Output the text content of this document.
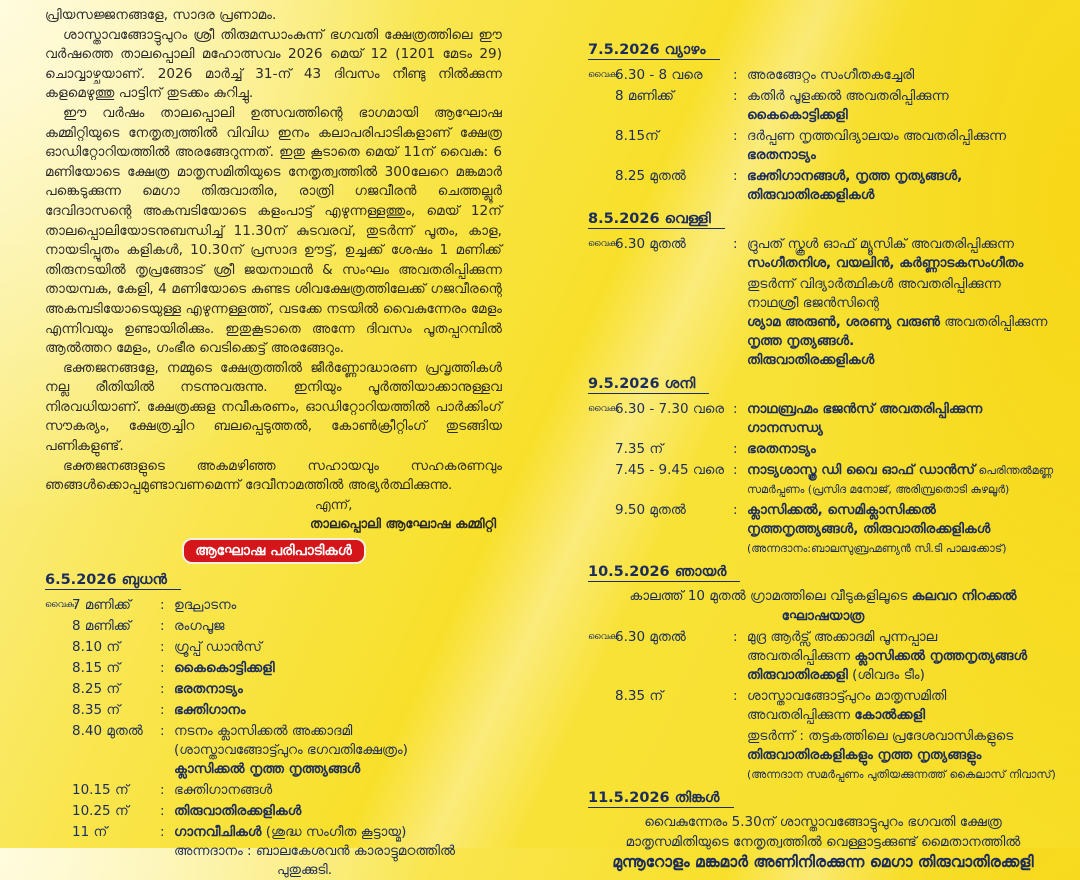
പ്രിയസജ്ജനങ്ങളേ, സാദര പ്രണാമം.

ശാസ്താവങ്ങോട്ടുപുറം ശ്രീ തിരുമന്ധാംകുന്ന് ഭഗവതി ക്ഷേത്രത്തിലെ ഈ വർഷത്തെ താലപ്പൊലി മഹോത്സവം 2026 മെയ് 12 (1201 മേടം 29) ചൊവ്വാഴ്ചയാണ്. 2026 മാർച്ച് 31-ന് 43 ദിവസം നീണ്ടു നിൽക്കുന്ന കളമെഴുത്തു പാട്ടിന് തുടക്കം കുറിച്ചു.

ഈ വർഷം താലപ്പൊലി ഉത്സവത്തിന്റെ ഭാഗമായി ആഘോഷ കമ്മിറ്റിയുടെ നേതൃത്വത്തിൽ വിവിധ ഇനം കലാപരിപാടികളാണ് ക്ഷേത്ര ഓഡിറ്റോറിയത്തിൽ അരങ്ങേറുന്നത്. ഇതു കൂടാതെ മെയ് 11ന് വൈകു: 6 മണിയോടെ ക്ഷേത്ര മാതൃസമിതിയുടെ നേതൃത്വത്തിൽ 300ലേറെ മങ്കമാർ പങ്കെടുക്കുന്ന മെഗാ തിരുവാതിര, രാത്രി ഗജവീരൻ ചെത്തല്ലൂർ ദേവിദാസന്റെ അകമ്പടിയോടെ കളംപാട്ട് എഴുന്നള്ളത്തും, മെയ് 12ന് താലപ്പൊലിയോടനുബന്ധിച്ച് 11.30ന് കുടവരവ്, തുടർന്ന് പൂതം, കാള, നായടിപ്പൂതം കളികൾ, 10.30ന് പ്രസാദ ഊട്ട്, ഉച്ചക്ക് ശേഷം 1 മണിക്ക് തിരുനടയിൽ തൃപ്രങ്ങോട് ശ്രീ ജയനാഥൻ & സംഘം അവതരിപ്പിക്കുന്ന തായമ്പക, കേളി, 4 മണിയോടെ കുണ്ടട ശിവക്ഷേത്രത്തിലേക്ക് ഗജവീരന്റെ അകമ്പടിയോടെയുള്ള എഴുന്നള്ളത്ത്, വടക്കേ നടയിൽ വൈകുന്നേരം മേളം എന്നിവയും ഉണ്ടായിരിക്കും. ഇതുകൂടാതെ അന്നേ ദിവസം പൂതപ്പറമ്പിൽ ആൽത്തറ മേളം, ഗംഭീര വെടിക്കെട്ട് അരങ്ങേറും.

ഭക്തജനങ്ങളേ, നമ്മുടെ ക്ഷേത്രത്തിൽ ജീർണ്ണോദ്ധാരണ പ്രവൃത്തികൾ നല്ല രീതിയിൽ നടന്നുവരുന്നു. ഇനിയും പൂർത്തിയാക്കാനുള്ളവ നിരവധിയാണ്. ക്ഷേത്രക്കുള നവീകരണം, ഓഡിറ്റോറിയത്തിൽ പാർക്കിംഗ് സൗകര്യം, ക്ഷേത്രച്ചിറ ബലപ്പെടുത്തൽ, കോൺക്രീറ്റിംഗ് തുടങ്ങിയ പണികളുണ്ട്.

ഭക്തജനങ്ങളുടെ അകമഴിഞ്ഞ സഹായവും സഹകരണവും ഞങ്ങൾക്കൊപ്പമുണ്ടാവണമെന്ന് ദേവീനാമത്തിൽ അഭ്യർത്ഥിക്കുന്നു.

എന്ന്,
താലപ്പൊലി ആഘോഷ കമ്മിറ്റി
ആഘോഷ പരിപാടികൾ
6.5.2026 ബുധൻ
വൈകു:
7 മണിക്ക്	: ഉദ്ഘാടനം
8 മണിക്ക്	: രംഗപൂജ
8.10 ന്	: ഗ്രൂപ്പ് ഡാൻസ്
8.15 ന്	: കൈകൊട്ടിക്കളി
8.25 ന്	: ഭരതനാട്യം
8.35 ന്	: ഭക്തിഗാനം
8.40 മുതൽ	: നടനം ക്ലാസിക്കൽ അക്കാദമി
(ശാസ്താവങ്ങോട്ട്പുറം ഭഗവതിക്ഷേത്രം)
ക്ലാസിക്കൽ നൃത്ത നൃത്ത്യങ്ങൾ
10.15 ന്	: ഭക്തിഗാനങ്ങൾ
10.25 ന്	: തിരുവാതിരക്കളികൾ
11 ന്	: ഗാനവീചികൾ (ശുദ്ധ സംഗീത കൂട്ടായ്മ)
അന്നദാനം : ബാലകേശവൻ കാരാട്ടുമഠത്തിൽ
പുതുക്കുടി.
7.5.2026 വ്യാഴം
വൈകു:
6.30 - 8 വരെ	: അരങ്ങേറ്റം സംഗീതകച്ചേരി
8 മണിക്ക്	: കതിർ പൂളക്കൽ അവതരിപ്പിക്കുന്ന
കൈകൊട്ടിക്കളി
8.15ന്	: ദർപ്പണ നൃത്തവിദ്യാലയം അവതരിപ്പിക്കുന്ന
ഭരതനാട്യം
8.25 മുതൽ	: ഭക്തിഗാനങ്ങൾ, നൃത്ത നൃത്യങ്ങൾ,
തിരുവാതിരക്കളികൾ
8.5.2026 വെള്ളി
വൈകു:
6.30 മുതൽ	: ദ്രുപത് സ്കൂൾ ഓഫ് മ്യൂസിക് അവതരിപ്പിക്കുന്ന
സംഗീതനിശ, വയലിൻ, കർണ്ണാടകസംഗീതം
തുടർന്ന് വിദ്യാർത്ഥികൾ അവതരിപ്പിക്കുന്ന
നാഥശ്രീ ഭജൻസിന്റെ
ശ്യാമ അരുൺ, ശരണ്യ വരുൺ അവതരിപ്പിക്കുന്ന
നൃത്ത നൃത്യങ്ങൾ.
തിരുവാതിരക്കളികൾ
9.5.2026 ശനി
വൈകു:
6.30 - 7.30 വരെ : നാഥബ്രഹ്മം ഭജൻസ് അവതരിപ്പിക്കുന്ന ഗാനസന്ധ്യ
7.35 ന്	: ഭരതനാട്യം
7.45 - 9.45 വരെ : നാട്യശാസ്ത്ര ഡി വൈ ഓഫ് ഡാൻസ് പെരിന്തൽമണ്ണ
സമർപ്പണം (പ്രസിദ മനോജ്, അരിമ്പ്രതൊടി കുഴലൂർ)
9.50 മുതൽ	: ക്ലാസിക്കൽ, സെമിക്ലാസിക്കൽ
നൃത്തനൃത്ത്യങ്ങൾ, തിരുവാതിരക്കളികൾ
(അന്നദാനം:ബാലസുബ്രഹ്മണ്യൻ സി.ടി പാലക്കോട്)
10.5.2026 ഞായർ
കാലത്ത് 10 മുതൽ ഗ്രാമത്തിലെ വീടുകളിലൂടെ കലവറ നിറക്കൽ ഘോഷയാത്ര
വൈകു:
6.30 മുതൽ	: മുദ്ര ആർട്സ് അക്കാദമി പൂന്നപ്പാല
അവതരിപ്പിക്കുന്ന ക്ലാസിക്കൽ നൃത്തനൃത്യങ്ങൾ
തിരുവാതിരക്കളി (ശിവദം ടീം)
8.35 ന്	: ശാസ്താവങ്ങോട്ട്പുറം മാതൃസമിതി
അവതരിപ്പിക്കുന്ന കോൽക്കളി
തുടർന്ന് : തട്ടകത്തിലെ പ്രദേശവാസികളുടെ
തിരുവാതിരകളികളും നൃത്ത നൃത്യങ്ങളും
(അന്നദാന സമർപ്പണം പുതിയക്കുന്നത്ത് കൈലാസ് നിവാസ്)
11.5.2026 തിങ്കൾ
വൈകുന്നേരം 5.30ന് ശാസ്താവങ്ങോട്ടുപുറം ഭഗവതി ക്ഷേത്ര
മാതൃസമിതിയുടെ നേതൃത്വത്തിൽ വെള്ളാട്ടക്കുണ്ട് മൈതാനത്തിൽ
മുന്നൂറോളം മങ്കമാർ അണിനിരക്കുന്ന മെഗാ തിരുവാതിരക്കളി
